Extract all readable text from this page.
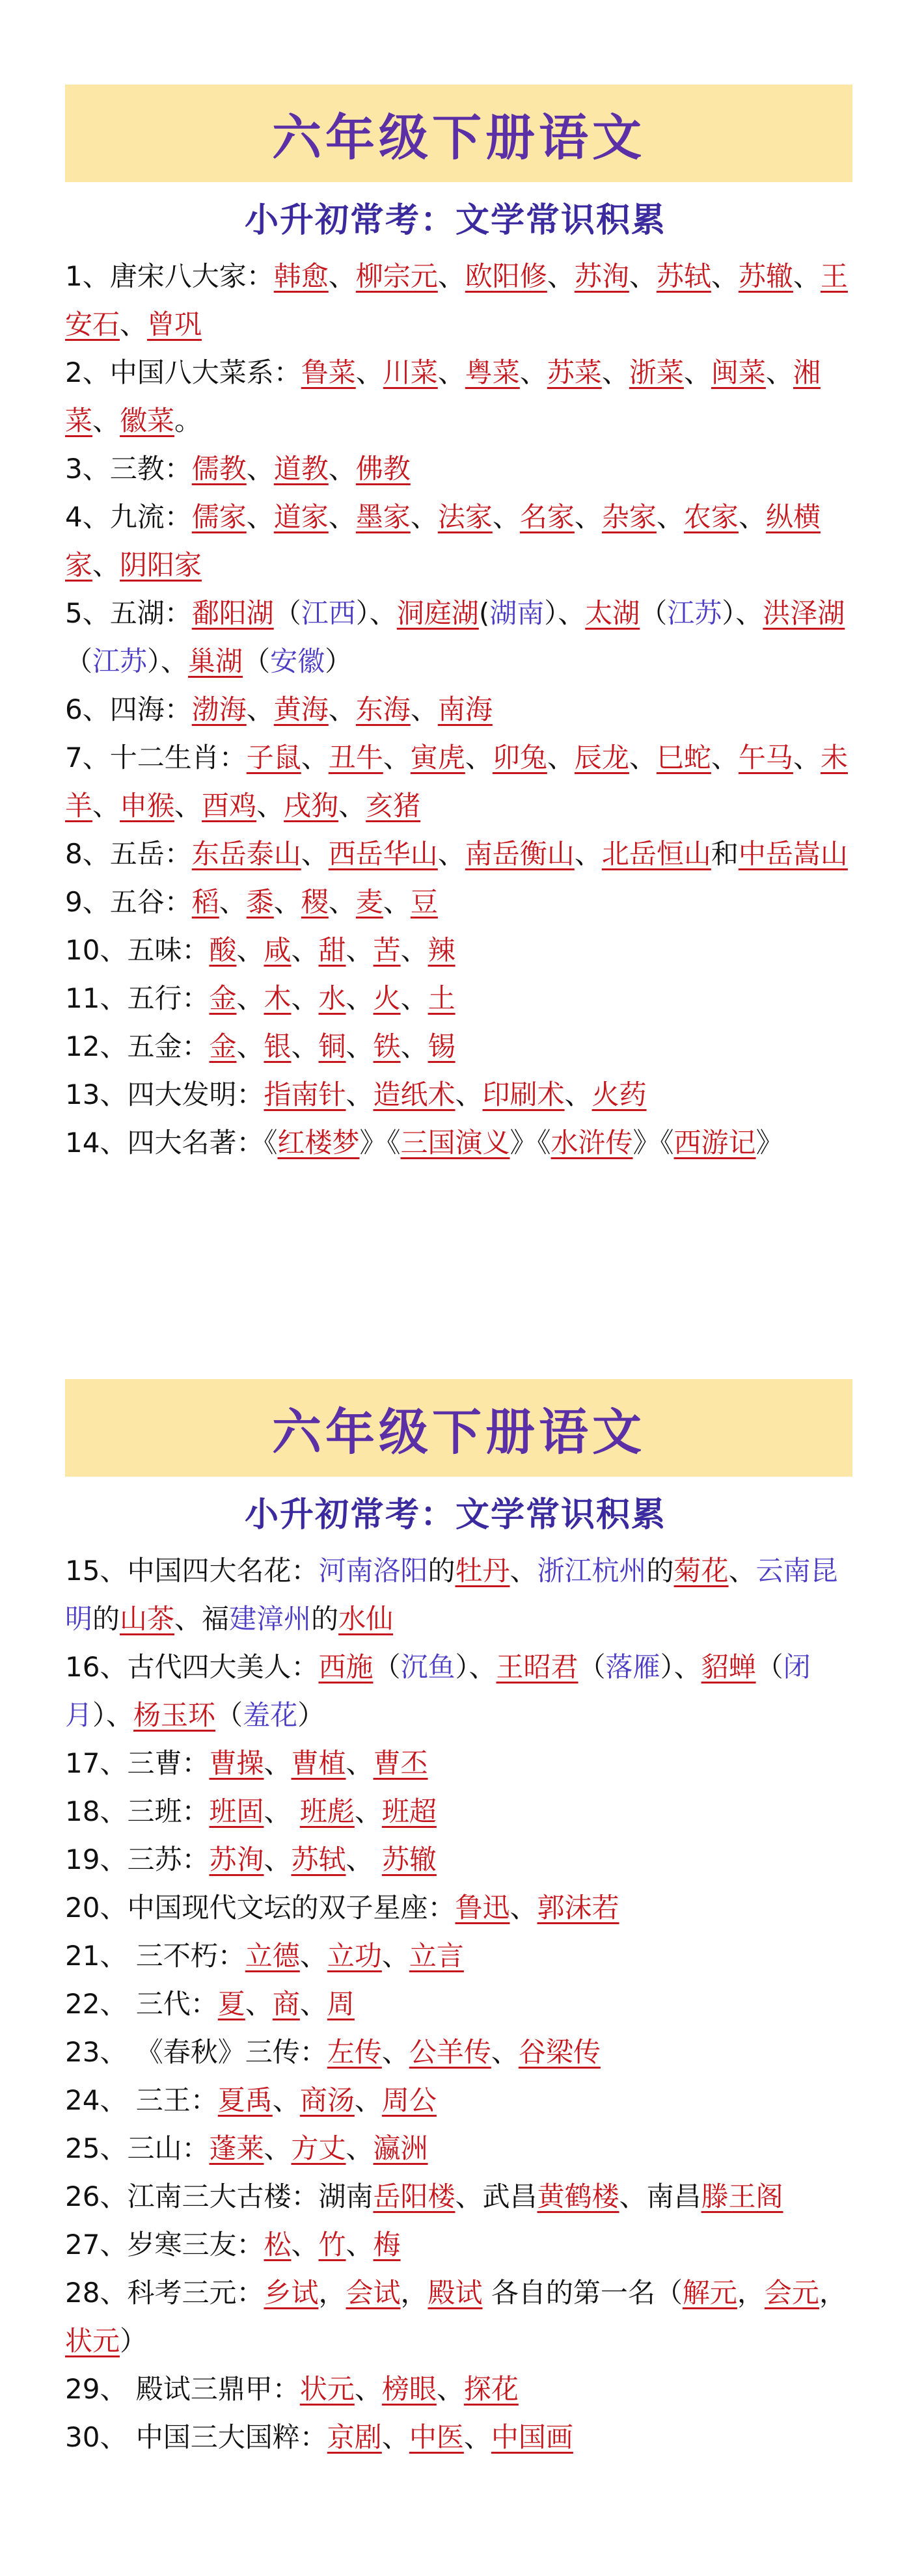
六年级下册语文
小升初常考：文学常识积累

1、唐宋八大家：韩愈、柳宗元、欧阳修、苏洵、苏轼、苏辙、王安石、曾巩

2、中国八大菜系：鲁菜、川菜、粤菜、苏菜、浙菜、闽菜、湘菜、徽菜。

3、三教：儒教、道教、佛教

4、九流：儒家、道家、墨家、法家、名家、杂家、农家、纵横家、阴阳家

5、五湖：鄱阳湖（江西）、洞庭湖(湖南）、太湖（江苏）、洪泽湖（江苏）、巢湖（安徽）

6、四海：渤海、黄海、东海、南海

7、十二生肖：子鼠、丑牛、寅虎、卯兔、辰龙、巳蛇、午马、未羊、申猴、酉鸡、戌狗、亥猪

8、五岳：东岳泰山、西岳华山、南岳衡山、北岳恒山和中岳嵩山

9、五谷：稻、黍、稷、麦、豆

10、五味：酸、咸、甜、苦、辣

11、五行：金、木、水、火、土

12、五金：金、银、铜、铁、锡

13、四大发明：指南针、造纸术、印刷术、火药

14、四大名著：《红楼梦》《三国演义》《水浒传》《西游记》

六年级下册语文
小升初常考：文学常识积累

15、中国四大名花：河南洛阳的牡丹、浙江杭州的菊花、云南昆明的山茶、福建漳州的水仙

16、古代四大美人：西施（沉鱼）、王昭君（落雁）、貂蝉（闭月）、杨玉环（羞花）

17、三曹：曹操、曹植、曹丕

18、三班：班固、 班彪、班超

19、三苏：苏洵、苏轼、 苏辙

20、中国现代文坛的双子星座：鲁迅、郭沫若

21、 三不朽：立德、立功、立言

22、 三代：夏、商、周

23、 《春秋》三传：左传、公羊传、谷梁传

24、 三王：夏禹、商汤、周公

25、三山：蓬莱、方丈、瀛洲

26、江南三大古楼：湖南岳阳楼、武昌黄鹤楼、南昌滕王阁

27、岁寒三友：松、竹、梅

28、科考三元：乡试，会试，殿试 各自的第一名（解元，会元，状元）

29、 殿试三鼎甲：状元、榜眼、探花

30、 中国三大国粹：京剧、中医、中国画
